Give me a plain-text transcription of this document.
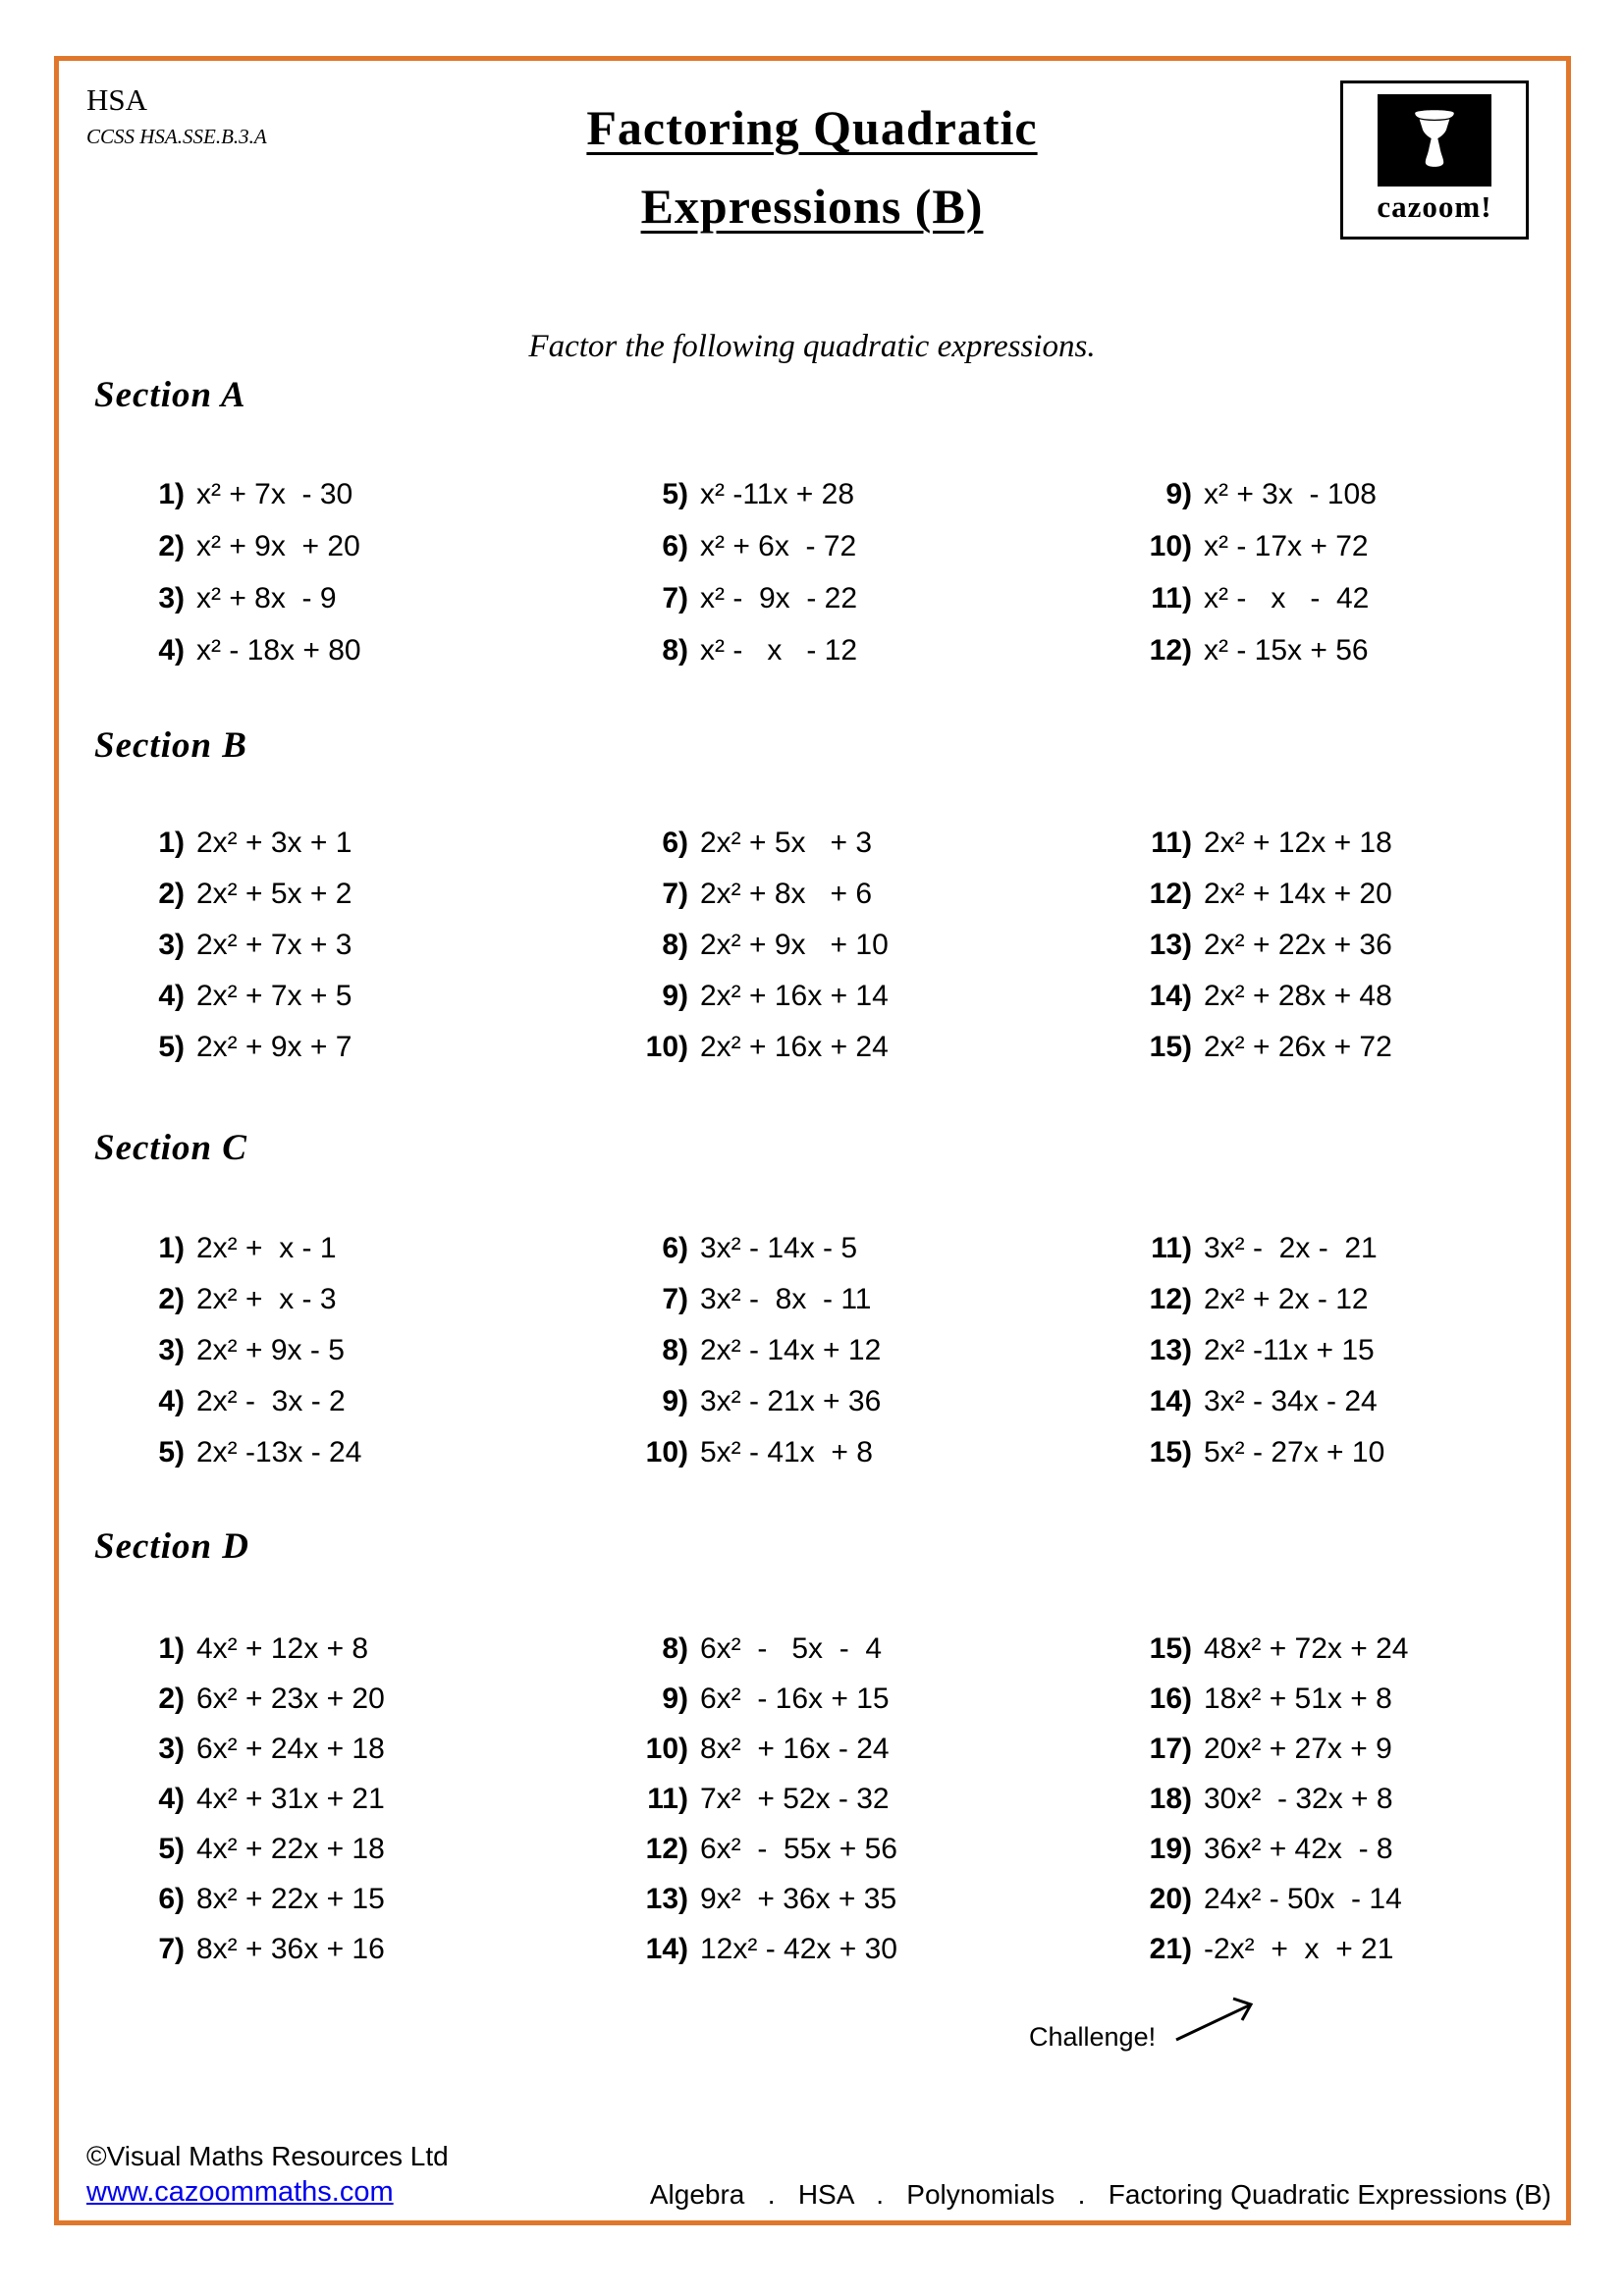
HSA
CCSS HSA.SSE.B.3.A	Factoring Quadratic
Expressions (B)	cazoom!
Factor the following quadratic expressions.
Section A
1) x² + 7x  - 30
2) x² + 9x  + 20
3) x² + 8x  - 9
4) x² - 18x + 80
5) x² -11x + 28
6) x² + 6x  - 72
7) x² -  9x  - 22
8) x² -   x   - 12
9) x² + 3x  - 108
10) x² - 17x + 72
11) x² -   x   -  42
12) x² - 15x + 56
Section B
1) 2x² + 3x + 1
2) 2x² + 5x + 2
3) 2x² + 7x + 3
4) 2x² + 7x + 5
5) 2x² + 9x + 7
6) 2x² + 5x   + 3
7) 2x² + 8x   + 6
8) 2x² + 9x   + 10
9) 2x² + 16x + 14
10) 2x² + 16x + 24
11) 2x² + 12x + 18
12) 2x² + 14x + 20
13) 2x² + 22x + 36
14) 2x² + 28x + 48
15) 2x² + 26x + 72
Section C
1) 2x² +  x - 1
2) 2x² +  x - 3
3) 2x² + 9x - 5
4) 2x² -  3x - 2
5) 2x² -13x - 24
6) 3x² - 14x - 5
7) 3x² -  8x  - 11
8) 2x² - 14x + 12
9) 3x² - 21x + 36
10) 5x² - 41x  + 8
11) 3x² -  2x -  21
12) 2x² + 2x - 12
13) 2x² -11x + 15
14) 3x² - 34x - 24
15) 5x² - 27x + 10
Section D
1) 4x² + 12x + 8
2) 6x² + 23x + 20
3) 6x² + 24x + 18
4) 4x² + 31x + 21
5) 4x² + 22x + 18
6) 8x² + 22x + 15
7) 8x² + 36x + 16
8) 6x²  -   5x  -  4
9) 6x²  - 16x + 15
10) 8x²  + 16x - 24
11) 7x²  + 52x - 32
12) 6x²  -  55x + 56
13) 9x²  + 36x + 35
14) 12x² - 42x + 30
15) 48x² + 72x + 24
16) 18x² + 51x + 8
17) 20x² + 27x + 9
18) 30x²  - 32x + 8
19) 36x² + 42x  - 8
20) 24x² - 50x  - 14
21) -2x²  +  x  + 21
Challenge!
©Visual Maths Resources Ltd
www.cazoommaths.com	Algebra   .   HSA   .   Polynomials   .   Factoring Quadratic Expressions (B)
